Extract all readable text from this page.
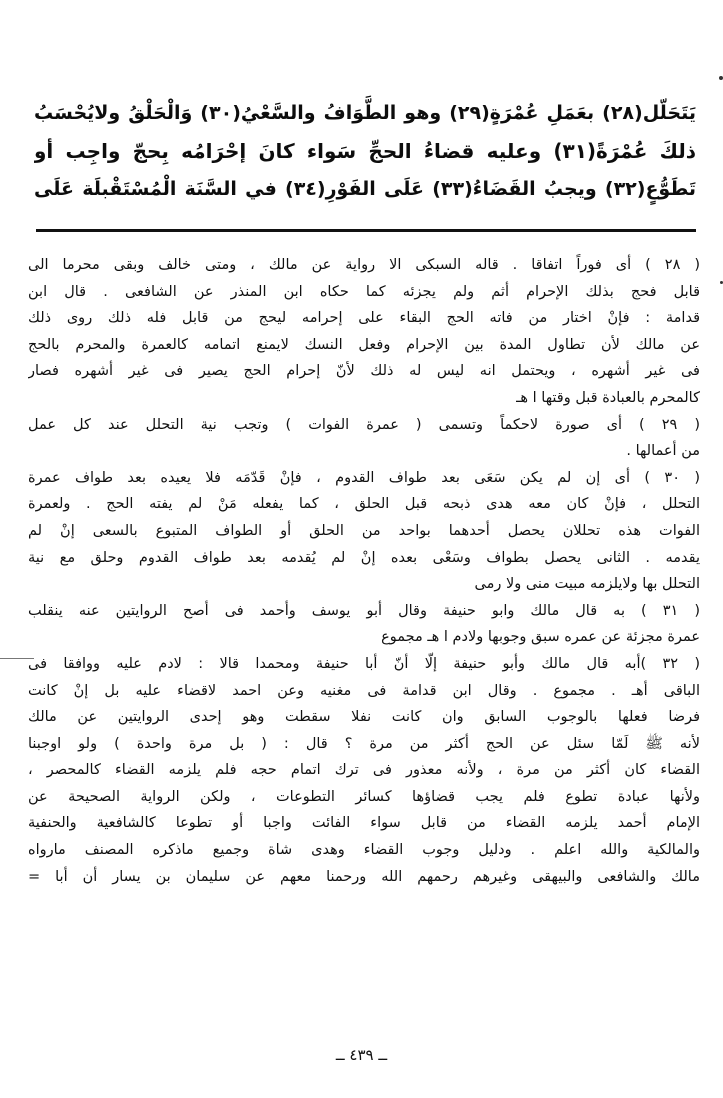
يَتَحَلّل(٢٨) بعَمَلِ عُمْرَةٍ(٢٩) وهو الطَّوَافُ والسَّعْيُ(٣٠) وَالْحَلْقُ ولايُحْسَبُ
ذلكَ عُمْرَةً(٣١) وعليه قضاءُ الحجِّ سَواء كانَ إحْرَامُه بِحجّ واجِب أو
تَطَوُّعٍ(٣٢) ويجبُ القَضَاءُ(٣٣) عَلَى الفَوْرِ(٣٤) في السَّنَة الْمُسْتَقْبلَة عَلَى
( ٢٨ ) أى فوراً اتفاقا . قاله السبكى الا رواية عن مالك ، ومتى خالف وبقى محرما الى
قابل فحج بذلك الإحرام أثم ولم يجزئه كما حكاه ابن المنذر عن الشافعى . قال ابن
قدامة : فإنْ اختار من فاته الحج البقاء على إحرامه ليحج من قابل فله ذلك روى ذلك
عن مالك لأن تطاول المدة بين الإحرام وفعل النسك لايمنع اتمامه كالعمرة والمحرم بالحج
فى غير أشهره ، ويحتمل انه ليس له ذلك لأنّ إحرام الحج يصير فى غير أشهره فصار
كالمحرم بالعبادة قبل وقتها ا هـ
( ٢٩ ) أى صورة لاحكماً وتسمى ( عمرة الفوات ) وتجب نية التحلل عند كل عمل
من أعمالها .
( ٣٠ ) أى إن لم يكن سَعَى بعد طواف القدوم ، فإنْ قَدّمَه فلا يعيده بعد طواف عمرة
التحلل ، فإنْ كان معه هدى ذبحه قبل الحلق ، كما يفعله مَنْ لم يفته الحج . ولعمرة
الفوات هذه تحللان يحصل أحدهما بواحد من الحلق أو الطواف المتبوع بالسعى إنْ لم
يقدمه . الثانى يحصل بطواف وسَعْى بعده إنْ لم يُقدمه بعد طواف القدوم وحلق مع نية
التحلل بها ولايلزمه مبيت منى ولا رمى
( ٣١ ) به قال مالك وابو حنيفة وقال أبو يوسف وأحمد فى أصح الروايتين عنه ينقلب
عمرة مجزئة عن عمره سبق وجوبها ولادم ا هـ مجموع
( ٣٢ )أبه قال مالك وأبو حنيفة إلّا أنّ أبا حنيفة ومحمدا قالا : لادم عليه ووافقا فى
الباقى أهـ . مجموع . وقال ابن قدامة فى مغنيه وعن احمد لاقضاء عليه بل إنْ كانت
فرضا فعلها بالوجوب السابق وان كانت نفلا سقطت وهو إحدى الروايتين عن مالك
لأنه ﷺ لَمّا سئل عن الحج أكثر من مرة ؟ قال : ( بل مرة واحدة ) ولو اوجبنا
القضاء كان أكثر من مرة ، ولأنه معذور فى ترك اتمام حجه فلم يلزمه القضاء كالمحصر ،
ولأنها عبادة تطوع فلم يجب قضاؤها كسائر التطوعات ، ولكن الرواية الصحيحة عن
الإمام أحمد يلزمه القضاء من قابل سواء الفائت واجبا أو تطوعا كالشافعية والحنفية
والمالكية والله اعلم . ودليل وجوب القضاء وهدى شاة وجميع ماذكره المصنف مارواه
مالك والشافعى والبيهقى وغيرهم رحمهم الله ورحمنا معهم عن سليمان بن يسار أن أبا =
ــ ٤٣٩ ــ
